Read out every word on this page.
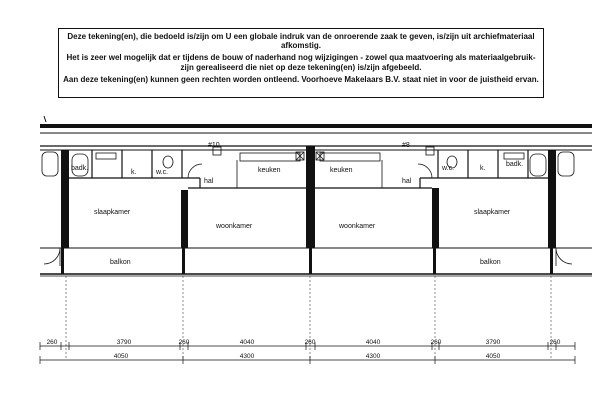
Deze tekening(en), die bedoeld is/zijn om U een globale indruk van de onroerende zaak te geven, is/zijn uit archiefmateriaal afkomstig.

Het is zeer wel mogelijk dat er tijdens de bouw of naderhand nog wijzigingen - zowel qua maatvoering als materiaalgebruik- zijn gerealiseerd die niet op deze tekening(en) is/zijn afgebeeld.

Aan deze tekening(en) kunnen geen rechten worden ontleend. Voorhoeve Makelaars B.V. staat niet in voor de juistheid ervan.

#10	#8
badk.
k.	w.c.
hal
keuken	keuken
hal
w.c.	k.
badk.
slaapkamer
woonkamer	woonkamer
slaapkamer
balkon	balkon
260	3790	260	4040	260	4040	260	3790	260
4050	4300	4300	4050
